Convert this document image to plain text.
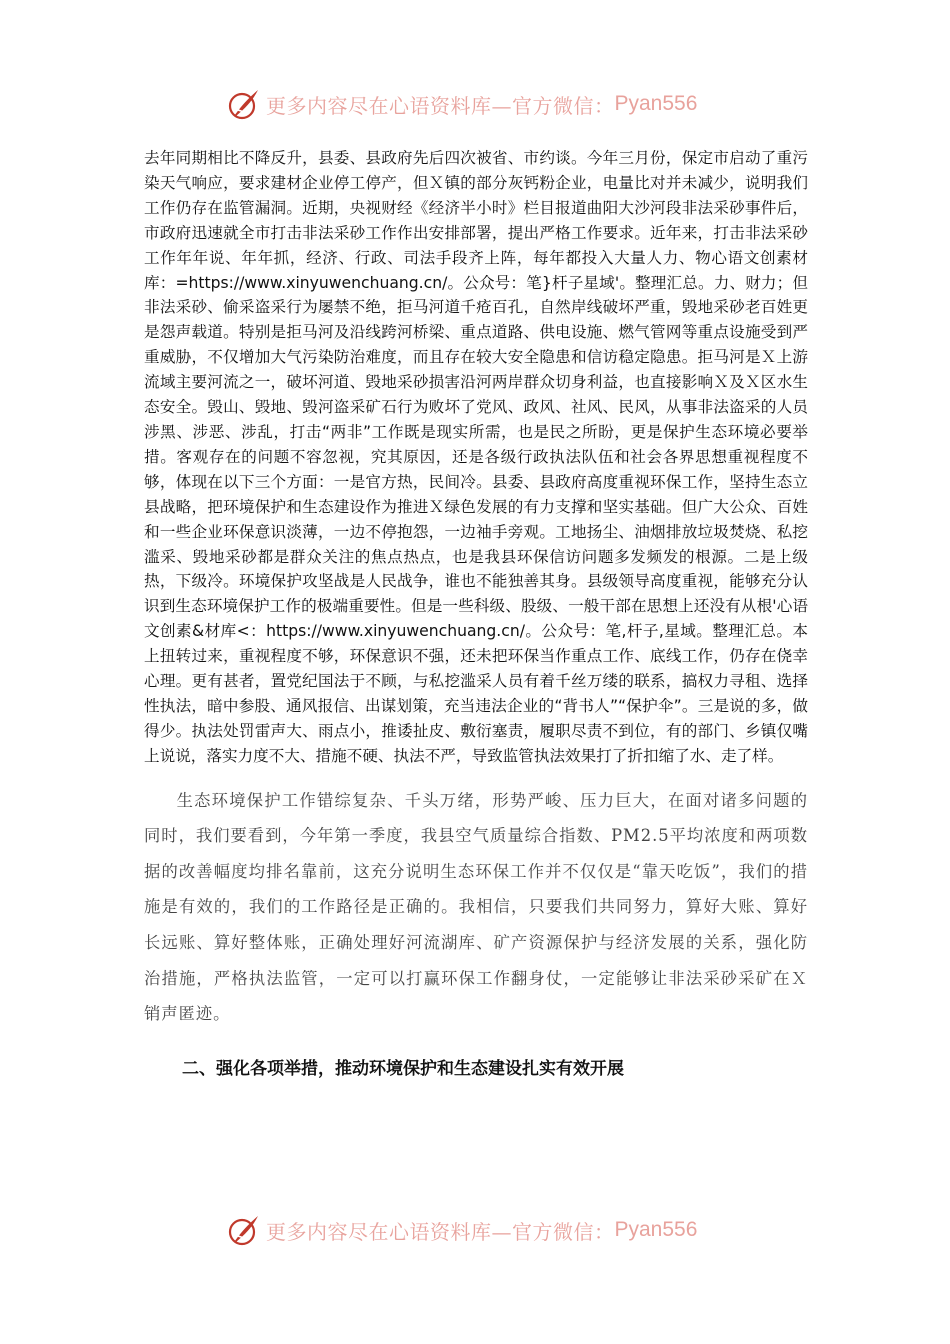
更多内容尽在心语资料库—官方微信： Pyan556

去年同期相比不降反升，县委、县政府先后四次被省、市约谈。今年三月份，保定市启动了重污染天气响应，要求建材企业停工停产，但Ｘ镇的部分灰钙粉企业，电量比对并未减少，说明我们工作仍存在监管漏洞。近期，央视财经《经济半小时》栏目报道曲阳大沙河段非法采砂事件后，市政府迅速就全市打击非法采砂工作作出安排部署，提出严格工作要求。近年来，打击非法采砂工作年年说、年年抓，经济、行政、司法手段齐上阵，每年都投入大量人力、物心语文创素材库：=https://www.xinyuwenchuang.cn/。公众号：笔}杆子星域'。整理汇总。力、财力；但非法采砂、偷采盗采行为屡禁不绝，拒马河道千疮百孔，自然岸线破坏严重，毁地采砂老百姓更是怨声载道。特别是拒马河及沿线跨河桥梁、重点道路、供电设施、燃气管网等重点设施受到严重威胁，不仅增加大气污染防治难度，而且存在较大安全隐患和信访稳定隐患。拒马河是Ｘ上游流域主要河流之一，破坏河道、毁地采砂损害沿河两岸群众切身利益，也直接影响Ｘ及Ｘ区水生态安全。毁山、毁地、毁河盗采矿石行为败坏了党风、政风、社风、民风，从事非法盗采的人员涉黑、涉恶、涉乱，打击“两非”工作既是现实所需，也是民之所盼，更是保护生态环境必要举措。客观存在的问题不容忽视，究其原因，还是各级行政执法队伍和社会各界思想重视程度不够，体现在以下三个方面：一是官方热，民间冷。县委、县政府高度重视环保工作，坚持生态立县战略，把环境保护和生态建设作为推进Ｘ绿色发展的有力支撑和坚实基础。但广大公众、百姓和一些企业环保意识淡薄，一边不停抱怨，一边袖手旁观。工地扬尘、油烟排放垃圾焚烧、私挖滥采、毁地采砂都是群众关注的焦点热点，也是我县环保信访问题多发频发的根源。二是上级热，下级冷。环境保护攻坚战是人民战争，谁也不能独善其身。县级领导高度重视，能够充分认识到生态环境保护工作的极端重要性。但是一些科级、股级、一般干部在思想上还没有从根'心语文创素&材库<：https://www.xinyuwenchuang.cn/。公众号：笔,杆子,星域。整理汇总。本上扭转过来，重视程度不够，环保意识不强，还未把环保当作重点工作、底线工作，仍存在侥幸心理。更有甚者，置党纪国法于不顾，与私挖滥采人员有着千丝万缕的联系，搞权力寻租、选择性执法，暗中参股、通风报信、出谋划策，充当违法企业的“背书人”“保护伞”。三是说的多，做得少。执法处罚雷声大、雨点小，推诿扯皮、敷衍塞责，履职尽责不到位，有的部门、乡镇仅嘴上说说，落实力度不大、措施不硬、执法不严，导致监管执法效果打了折扣缩了水、走了样。

生态环境保护工作错综复杂、千头万绪，形势严峻、压力巨大，在面对诸多问题的同时，我们要看到，今年第一季度，我县空气质量综合指数、PM2.5平均浓度和两项数据的改善幅度均排名靠前，这充分说明生态环保工作并不仅仅是“靠天吃饭”，我们的措施是有效的，我们的工作路径是正确的。我相信，只要我们共同努力，算好大账、算好长远账、算好整体账，正确处理好河流湖库、矿产资源保护与经济发展的关系，强化防治措施，严格执法监管，一定可以打赢环保工作翻身仗，一定能够让非法采砂采矿在Ｘ销声匿迹。

二、强化各项举措，推动环境保护和生态建设扎实有效开展
更多内容尽在心语资料库—官方微信： Pyan556
